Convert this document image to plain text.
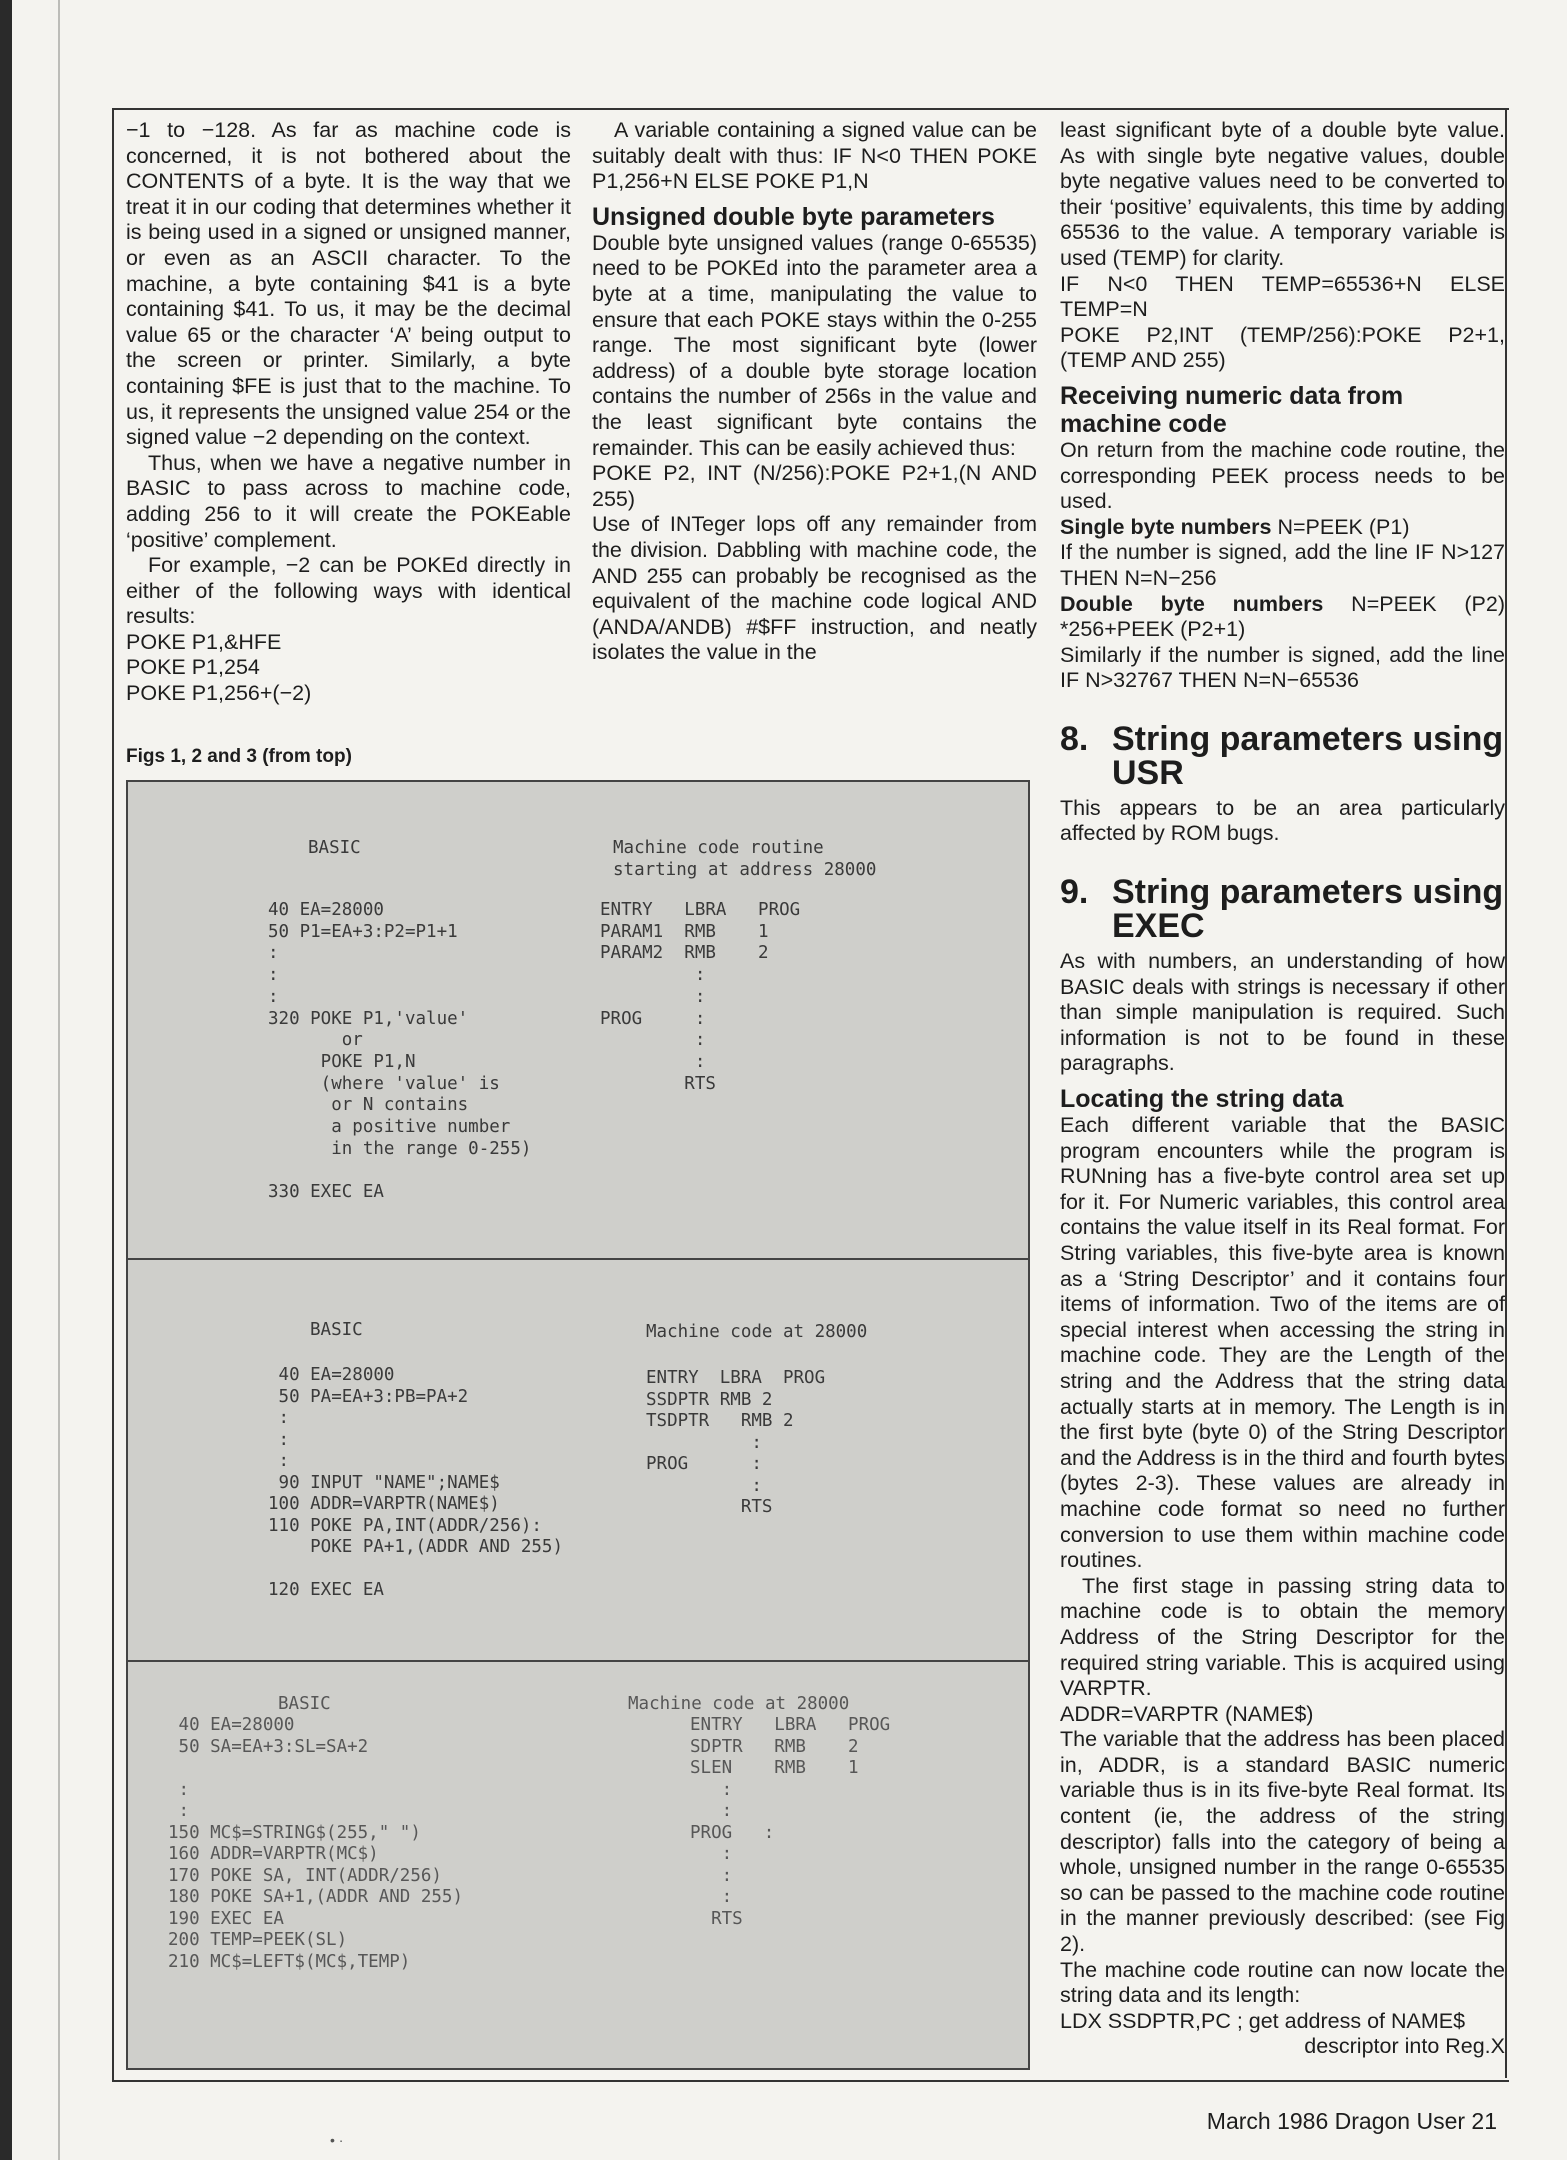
−1 to −128. As far as machine code is concerned, it is not bothered about the CONTENTS of a byte. It is the way that we treat it in our coding that determines whether it is being used in a signed or unsigned manner, or even as an ASCII character. To the machine, a byte containing $41 is a byte containing $41. To us, it may be the decimal value 65 or the character ‘A’ being output to the screen or printer. Similarly, a byte containing $FE is just that to the machine. To us, it represents the unsigned value 254 or the signed value −2 depending on the context.

Thus, when we have a negative number in BASIC to pass across to machine code, adding 256 to it will create the POKEable ‘positive’ complement.

For example, −2 can be POKEd directly in either of the following ways with identical results:

POKE P1,&HFE

POKE P1,254

POKE P1,256+(−2)

Figs 1, 2 and 3 (from top)

A variable containing a signed value can be suitably dealt with thus: IF N<0 THEN POKE P1,256+N ELSE POKE P1,N

Unsigned double byte parameters

Double byte unsigned values (range 0-65535) need to be POKEd into the parameter area a byte at a time, manipulating the value to ensure that each POKE stays within the 0-255 range. The most significant byte (lower address) of a double byte storage location contains the number of 256s in the value and the least significant byte contains the remainder. This can be easily achieved thus:

POKE P2, INT (N/256):POKE P2+1,(N AND 255)

Use of INTeger lops off any remainder from the division. Dabbling with machine code, the AND 255 can probably be recognised as the equivalent of the machine code logical AND (ANDA/ANDB) #$FF instruction, and neatly isolates the value in the

least significant byte of a double byte value. As with single byte negative values, double byte negative values need to be converted to their ‘positive’ equivalents, this time by adding 65536 to the value. A temporary variable is used (TEMP) for clarity.

IF N<0 THEN TEMP=65536+N ELSE TEMP=N

POKE P2,INT (TEMP/256):POKE P2+1, (TEMP AND 255)

Receiving numeric data from machine code

On return from the machine code routine, the corresponding PEEK process needs to be used.

Single byte numbers N=PEEK (P1)

If the number is signed, add the line IF N>127 THEN N=N−256

Double byte numbers N=PEEK (P2) *256+PEEK (P2+1)

Similarly if the number is signed, add the line IF N>32767 THEN N=N−65536

8. String parameters using USR

This appears to be an area particularly affected by ROM bugs.

9. String parameters using EXEC

As with numbers, an understanding of how BASIC deals with strings is necessary if other than simple manipulation is required. Such information is not to be found in these paragraphs.

Locating the string data

Each different variable that the BASIC program encounters while the program is RUNning has a five-byte control area set up for it. For Numeric variables, this control area contains the value itself in its Real format. For String variables, this five-byte area is known as a ‘String Descriptor’ and it contains four items of information. Two of the items are of special interest when accessing the string in machine code. They are the Length of the string and the Address that the string data actually starts at in memory. The Length is in the first byte (byte 0) of the String Descriptor and the Address is in the third and fourth bytes (bytes 2-3). These values are already in machine code format so need no further conversion to use them within machine code routines.

The first stage in passing string data to machine code is to obtain the memory Address of the String Descriptor for the required string variable. This is acquired using VARPTR.

ADDR=VARPTR (NAME$)

The variable that the address has been placed in, ADDR, is a standard BASIC numeric variable thus is in its five-byte Real format. Its content (ie, the address of the string descriptor) falls into the category of being a whole, unsigned number in the range 0-65535 so can be passed to the machine code routine in the manner previously described: (see Fig 2).

The machine code routine can now locate the string data and its length:

LDX SSDPTR,PC ; get address of NAME$

descriptor into Reg.X

BASIC	Machine code routine
starting at address 28000
40 EA=28000
50 P1=EA+3:P2=P1+1
:
:
:
320 POKE P1,'value'
or
POKE P1,N
(where 'value' is
or N contains
a positive number
in the range 0-255)

330 EXEC EA
ENTRY   LBRA   PROG
PARAM1  RMB    1
PARAM2  RMB    2
:
:
PROG     :
:
:
RTS
BASIC	Machine code at 28000
40 EA=28000
50 PA=EA+3:PB=PA+2
:
:
:
90 INPUT "NAME";NAME$
100 ADDR=VARPTR(NAME$)
110 POKE PA,INT(ADDR/256):
POKE PA+1,(ADDR AND 255)

120 EXEC EA
ENTRY  LBRA  PROG
SSDPTR RMB 2
TSDPTR   RMB 2
:
PROG      :
:
RTS
BASIC	Machine code at 28000
40 EA=28000
50 SA=EA+3:SL=SA+2

:
:
150 MC$=STRING$(255," ")
160 ADDR=VARPTR(MC$)
170 POKE SA, INT(ADDR/256)
180 POKE SA+1,(ADDR AND 255)
190 EXEC EA
200 TEMP=PEEK(SL)
210 MC$=LEFT$(MC$,TEMP)
ENTRY   LBRA   PROG
SDPTR   RMB    2
SLEN    RMB    1
:
:
PROG   :
:
:
:
RTS
March 1986 Dragon User 21
• ·
